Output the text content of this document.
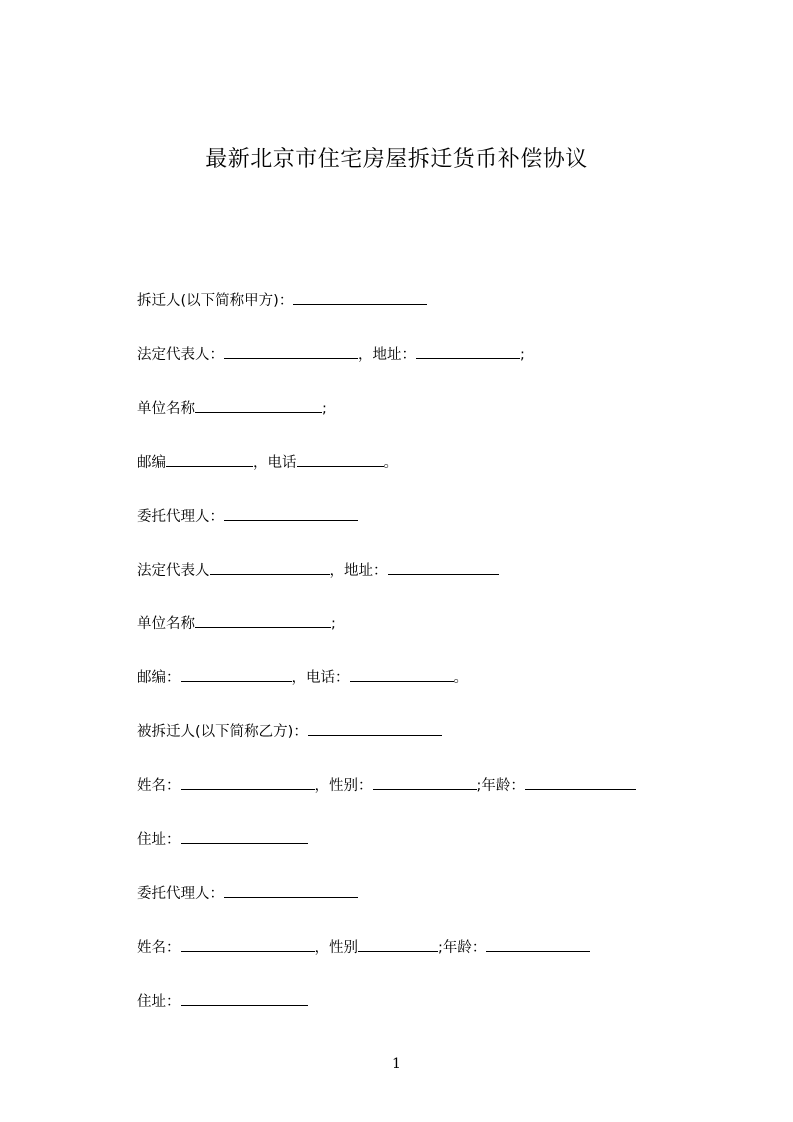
最新北京市住宅房屋拆迁货币补偿协议
拆迁人(以下简称甲方)：
法定代表人：	，地址：	;
单位名称	;
邮编	，电话	。
委托代理人：
法定代表人	，地址：
单位名称	;
邮编：	，电话：	。
被拆迁人(以下简称乙方)：
姓名：	，性别：	;年龄：
住址：
委托代理人：
姓名：	，性别	;年龄：
住址：
1
